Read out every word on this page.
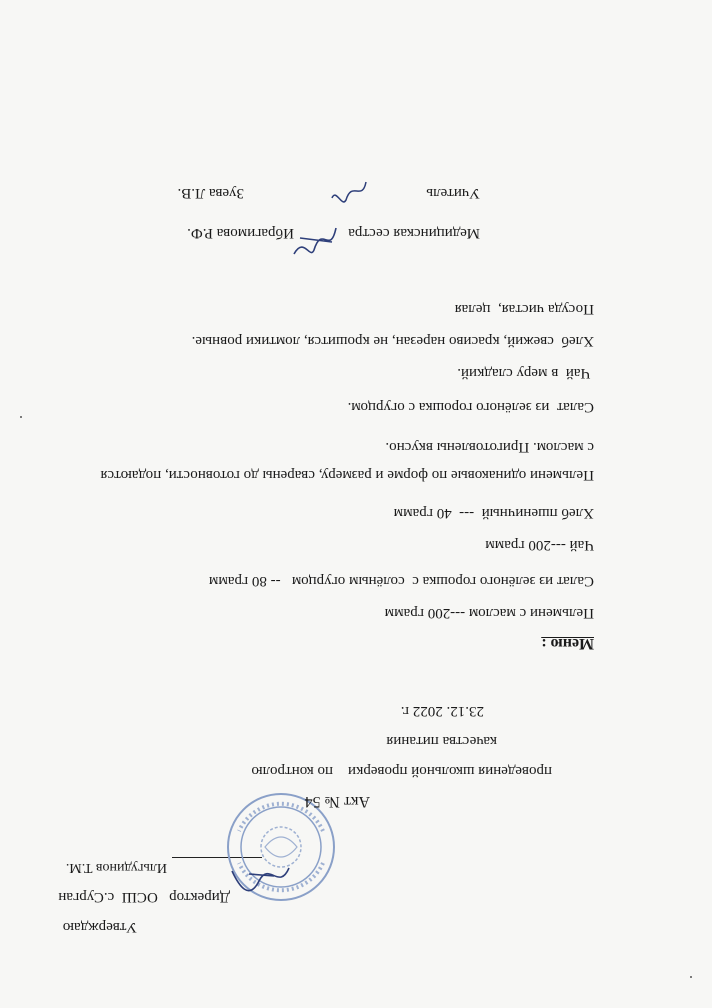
Утверждаю
Директор   ОСШ  с.Сурган
Ильгудинов Т.М.
Акт № 54
проведения школьной проверки    по контролю
качества питания
23.12. 2022 г.
Меню :
Пельмени с маслом ---200 грамм
Салат из зелёного горошка с  солёным огурцом   -- 80 грамм
Чай ---200 грамм
Хлеб пшеничный  ---  40 грамм
Пельмени одинаковые по форме и размеру, сварены до готовности, подаются
с маслом. Приготовлены вкусно.
Салат  из зелёного горошка с огурцом.
Чай  в меру сладкий.
Хлеб  свежий, красиво нарезан, не крошится, ломтики ровные.
Посуда чистая,  целая
Медицинская сестра
Ибрагимова Р.Ф.
Учитель
Зуева Л.В.
